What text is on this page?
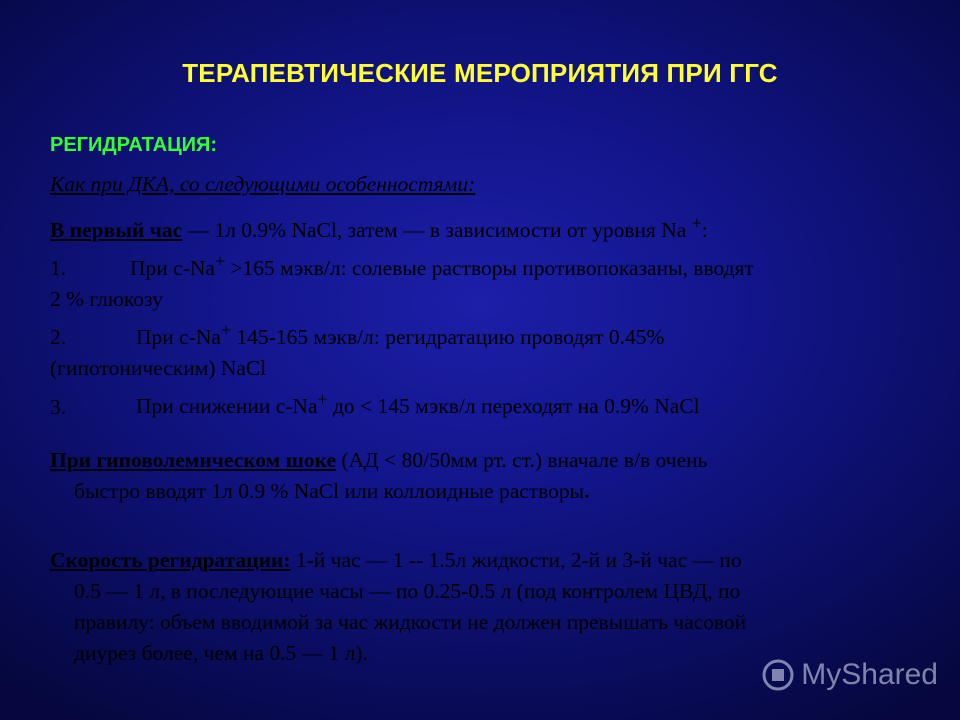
ТЕРАПЕВТИЧЕСКИЕ МЕРОПРИЯТИЯ ПРИ ГГС

РЕГИДРАТАЦИЯ:

Как при ДКА, со следующими особенностями:

В первый час — 1л 0.9% NaCl, затем — в зависимости от уровня Na +:

1.	При с-Na+ >165 мэкв/л: солевые растворы противопоказаны, вводят

2 % глюкозу

2.	При с-Na+ 145-165 мэкв/л: регидратацию проводят 0.45%

(гипотоническим) NaCl

3.	При снижении с-Na+ до < 145 мэкв/л переходят на 0.9% NaCl

При гиповолемическом шоке (АД < 80/50мм рт. ст.) вначале в/в очень

быстро вводят 1л 0.9 % NaCl или коллоидные растворы.

Скорость регидратации: 1-й час — 1 -- 1.5л жидкости, 2-й и 3-й час — по

0.5 — 1 л, в последующие часы — по 0.25-0.5 л (под контролем ЦВД, по

правилу: объем вводимой за час жидкости не должен превышать часовой

диурез более, чем на 0.5 — 1 л).

MyShared
